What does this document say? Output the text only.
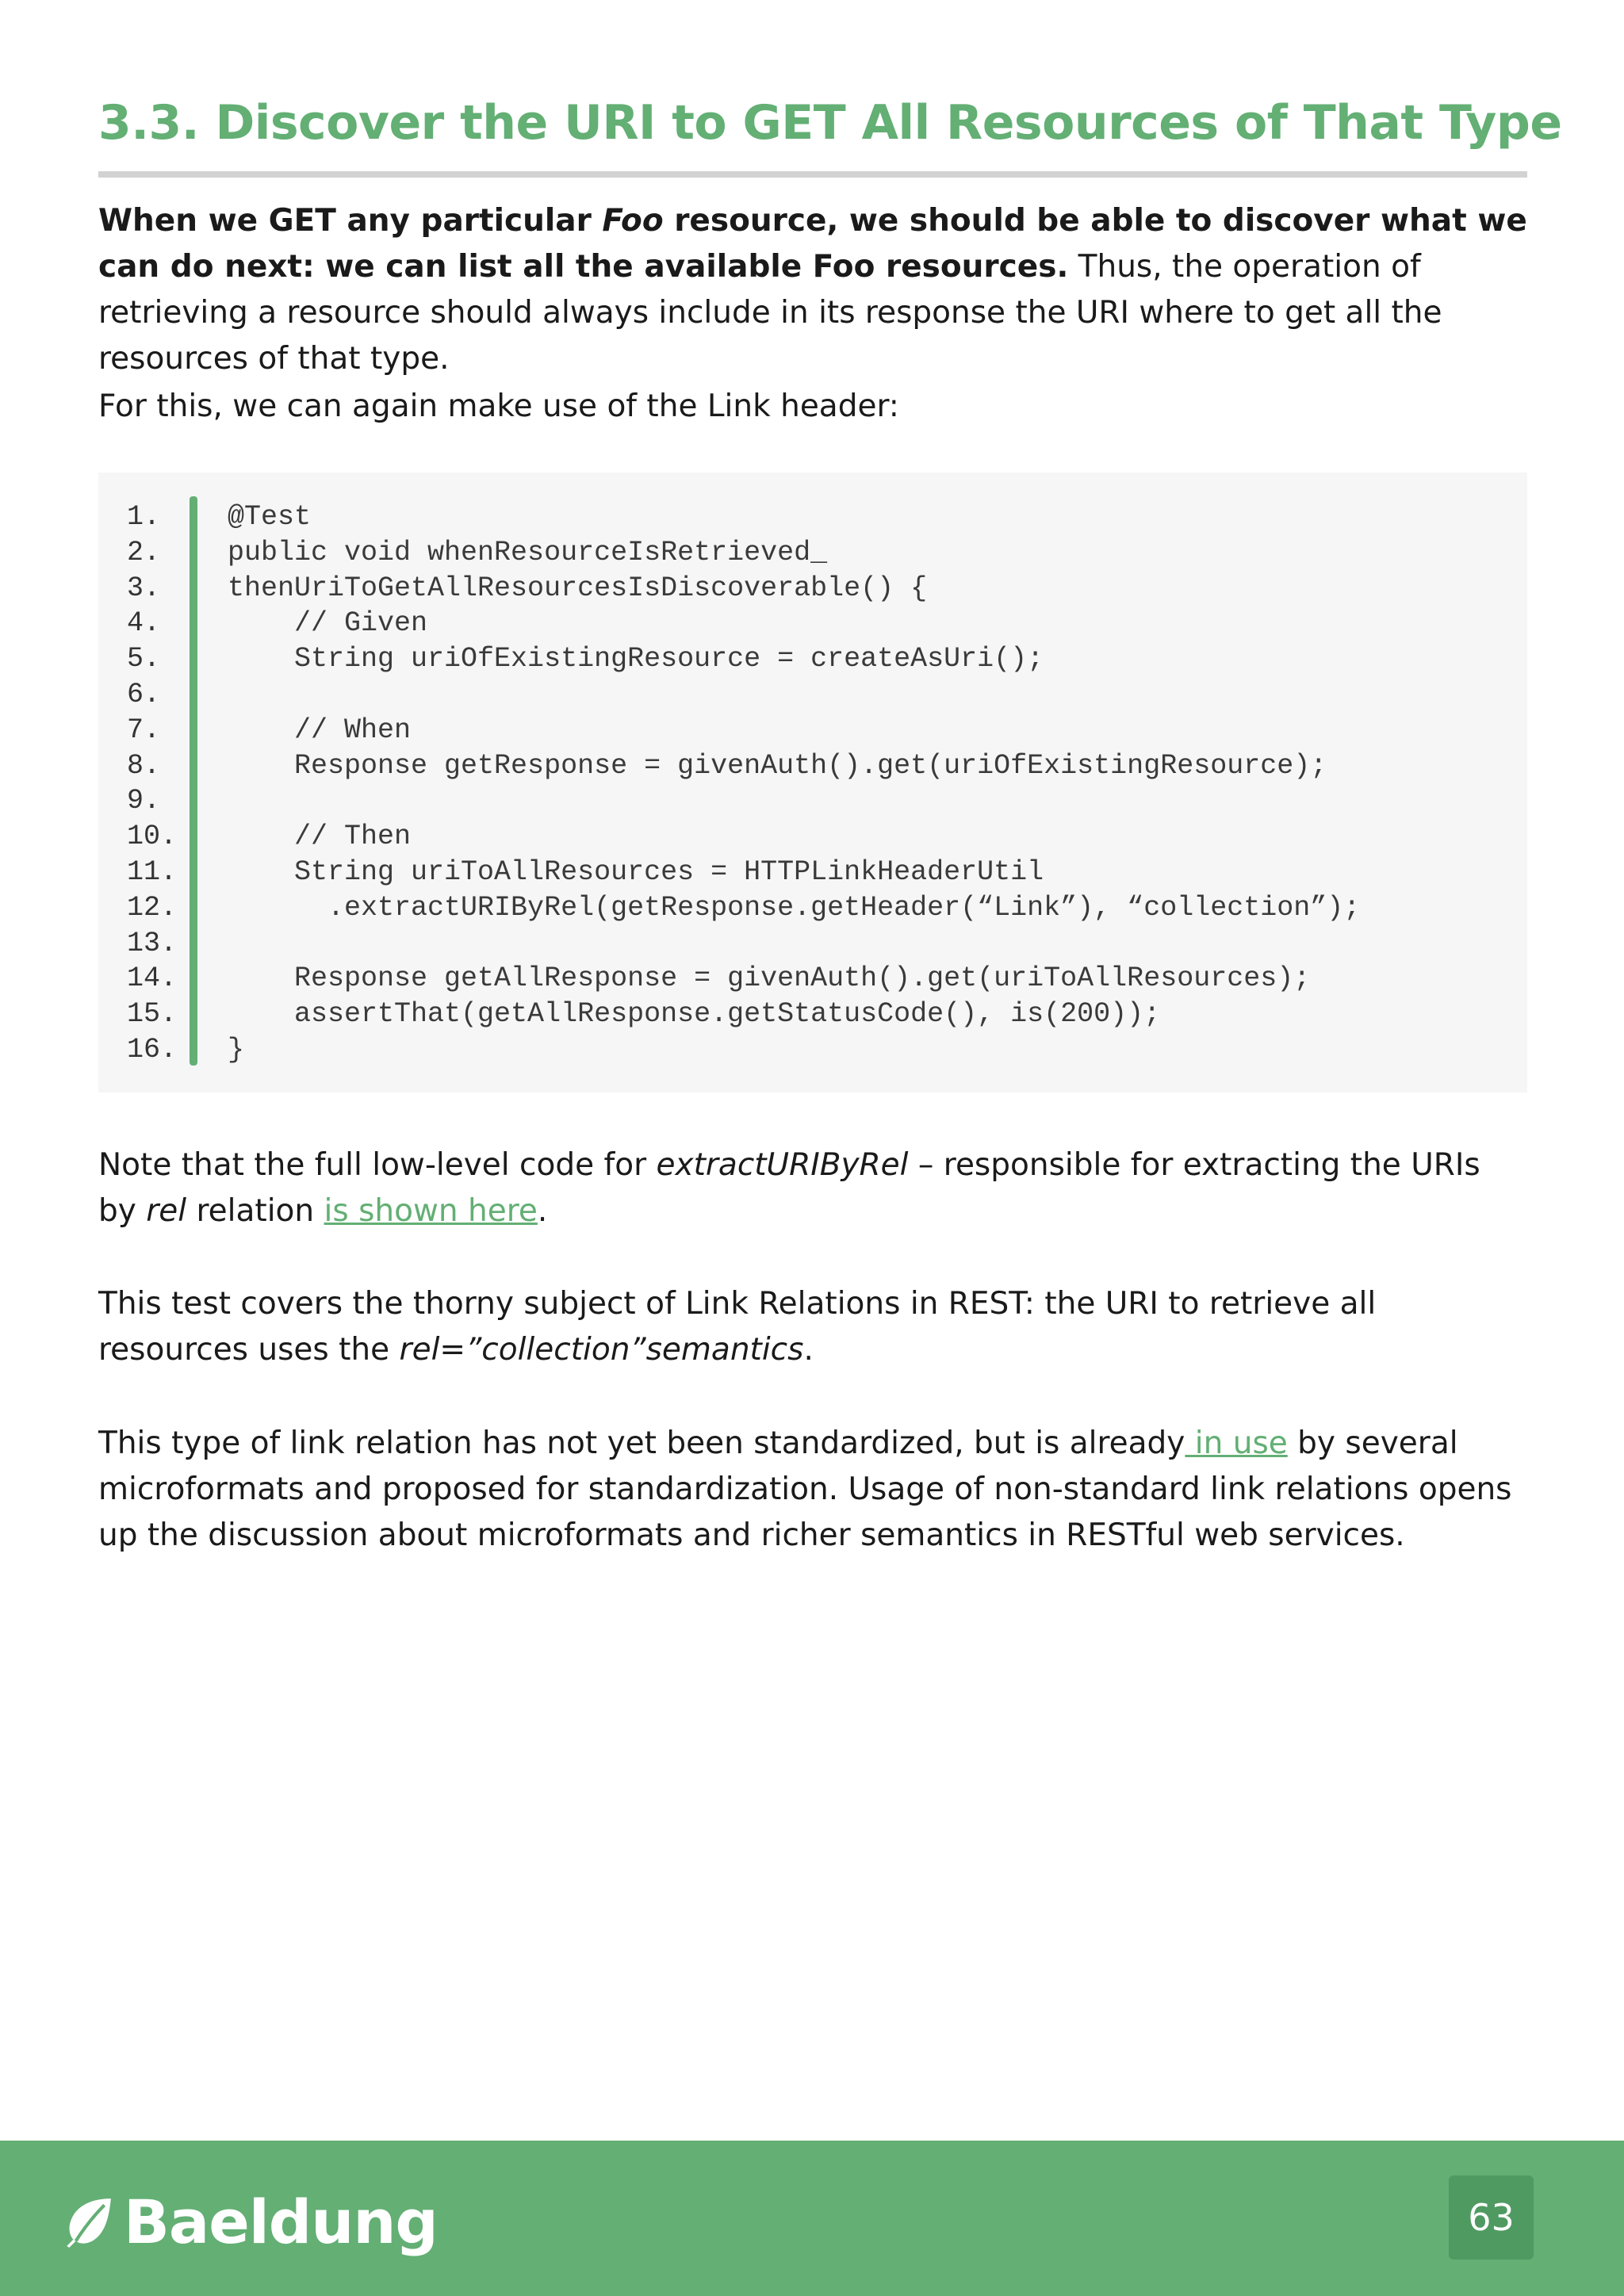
3.3. Discover the URI to GET All Resources of That Type

When we GET any particular Foo resource, we should be able to discover what we can do next: we can list all the available Foo resources. Thus, the operation of retrieving a resource should always include in its response the URI where to get all the resources of that type.

For this, we can again make use of the Link header:

1.
2.
3.
4.
5.
6.
7.
8.
9.
10.
11.
12.
13.
14.
15.
16.
@Test
public void whenResourceIsRetrieved_
thenUriToGetAllResourcesIsDiscoverable() {
// Given
String uriOfExistingResource = createAsUri();
// When
Response getResponse = givenAuth().get(uriOfExistingResource);
// Then
String uriToAllResources = HTTPLinkHeaderUtil
.extractURIByRel(getResponse.getHeader(“Link”), “collection”);
Response getAllResponse = givenAuth().get(uriToAllResources);
assertThat(getAllResponse.getStatusCode(), is(200));
}

Note that the full low-level code for extractURIByRel – responsible for extracting the URIs by rel relation is shown here.

This test covers the thorny subject of Link Relations in REST: the URI to retrieve all resources uses the rel=”collection”semantics.

This type of link relation has not yet been standardized, but is already in use by several microformats and proposed for standardization. Usage of non-standard link relations opens up the discussion about microformats and richer semantics in RESTful web services.

Baeldung	63
